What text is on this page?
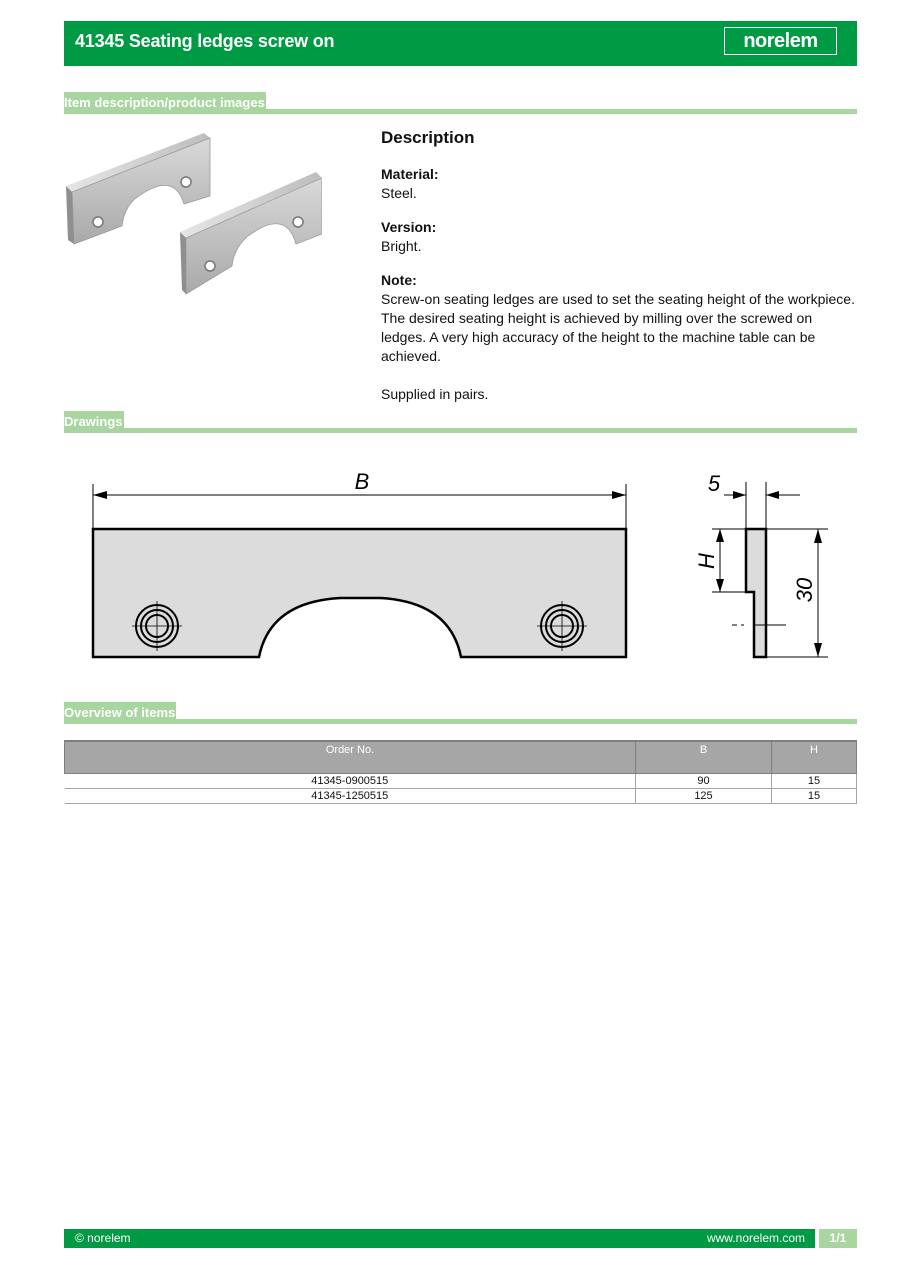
41345 Seating ledges screw on	norelem
Item description/product images
Description

Material:

Steel.

Version:

Bright.

Note:

Screw-on seating ledges are used to set the seating height of the workpiece. The desired seating height is achieved by milling over the screwed on ledges. A very high accuracy of the height to the machine table can be achieved.

Supplied in pairs.

Drawings
B	5
H
30
Overview of items
Order No.	B	H
41345-0900515	90	15
41345-1250515	125	15
© norelem	www.norelem.com	1/1
